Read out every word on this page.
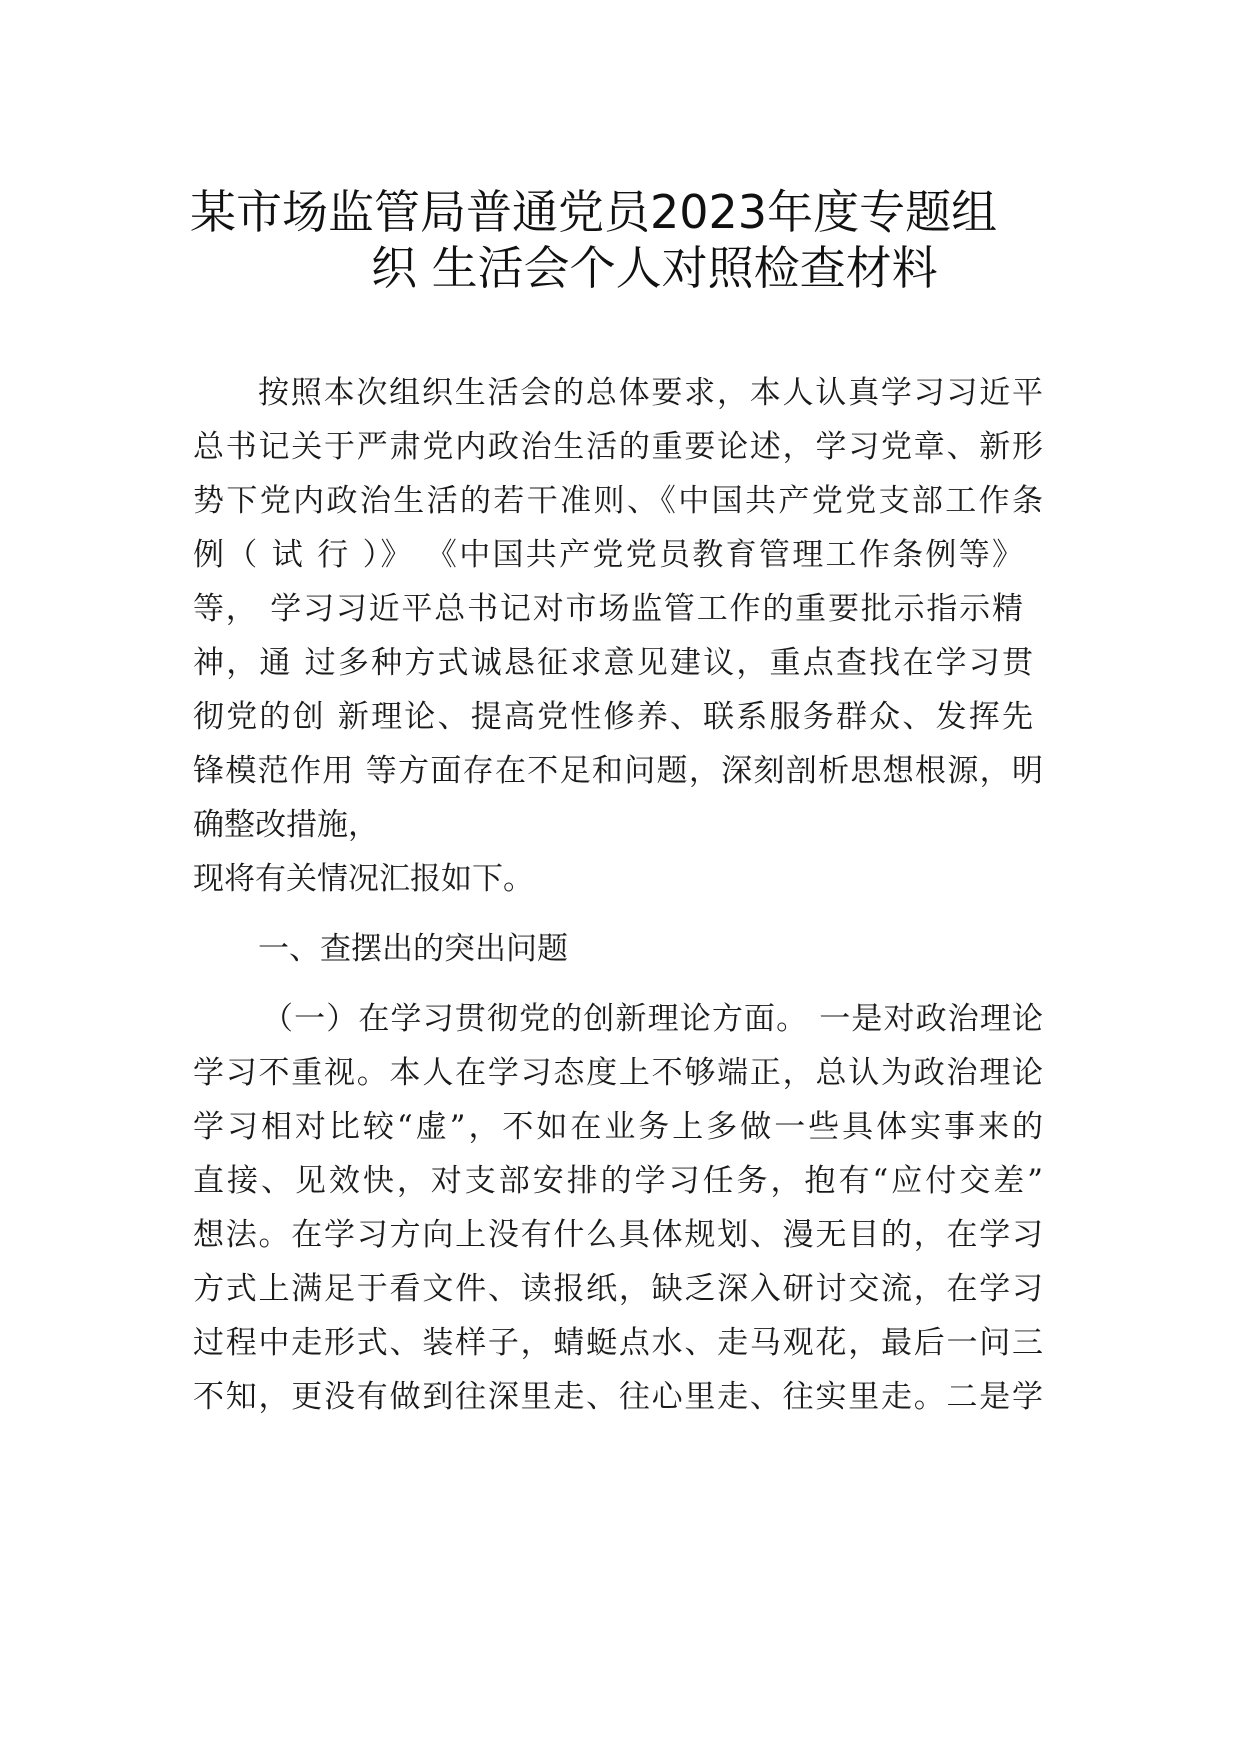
某市场监管局普通党员2023年度专题组
织 生活会个人对照检查材料
按照本次组织生活会的总体要求，本人认真学习习近平
总书记关于严肃党内政治生活的重要论述，学习党章、新形
势下党内政治生活的若干准则、《中国共产党党支部工作条
例（ 试 行 ）》 《中国共产党党员教育管理工作条例等》
等， 学习习近平总书记对市场监管工作的重要批示指示精
神，通 过多种方式诚恳征求意见建议，重点查找在学习贯
彻党的创 新理论、提高党性修养、联系服务群众、发挥先
锋模范作用 等方面存在不足和问题，深刻剖析思想根源，明
确整改措施，
现将有关情况汇报如下。
一、查摆出的突出问题
（一）在学习贯彻党的创新理论方面。 一是对政治理论
学习不重视。本人在学习态度上不够端正，总认为政治理论
学习相对比较“虚”，不如在业务上多做一些具体实事来的
直接、见效快，对支部安排的学习任务，抱有“应付交差”
想法。在学习方向上没有什么具体规划、漫无目的，在学习
方式上满足于看文件、读报纸，缺乏深入研讨交流，在学习
过程中走形式、装样子，蜻蜓点水、走马观花，最后一问三
不知，更没有做到往深里走、往心里走、往实里走。二是学
